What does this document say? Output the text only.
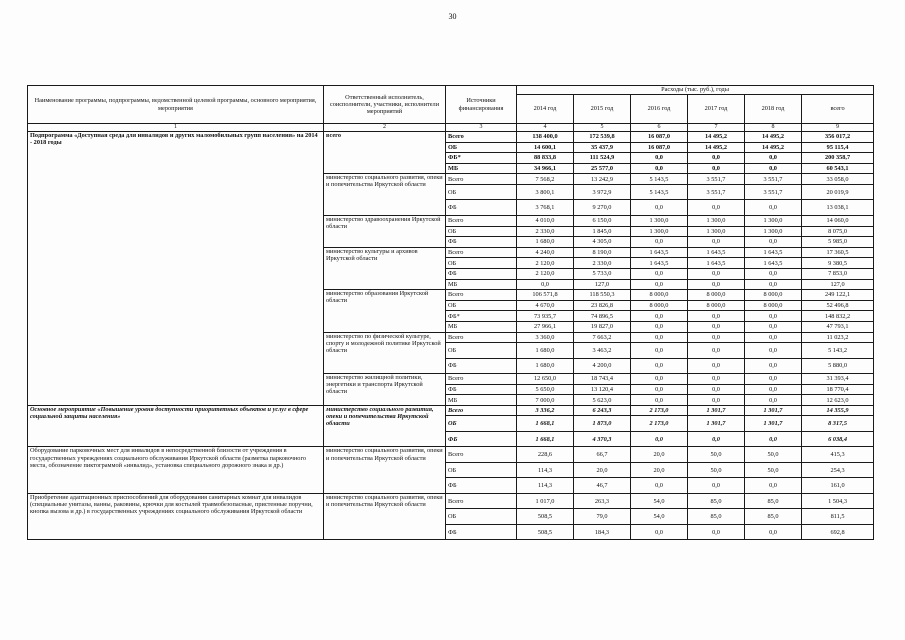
30
Наименование программы, подпрограммы, ведомственной целевой программы, основного мероприятия, мероприятия	Ответственный исполнитель, соисполнители, участники, исполнители мероприятий	Источники финансирования	Расходы (тыс. руб.), годы					
			2014 год	2015 год	2016 год	2017 год	2018 год	всего
1	2	3	4	5	6	7	8	9
Подпрограмма «Доступная среда для инвалидов и других маломобильных групп населения» на 2014 - 2018 годы	всего	Всего	138 400,0	172 539,8	16 087,0	14 495,2	14 495,2	356 017,2
		ОБ	14 600,1	35 437,9	16 087,0	14 495,2	14 495,2	95 115,4
		ФБ*	88 833,8	111 524,9	0,0	0,0	0,0	200 358,7
		МБ	34 966,1	25 577,0	0,0	0,0	0,0	60 543,1
	министерство социального развития, опеки и попечительства Иркутской области	Всего	7 568,2	13 242,9	5 143,5	3 551,7	3 551,7	33 058,0
		ОБ	3 800,1	3 972,9	5 143,5	3 551,7	3 551,7	20 019,9
		ФБ	3 768,1	9 270,0	0,0	0,0	0,0	13 038,1
	министерство здравоохранения Иркутской области	Всего	4 010,0	6 150,0	1 300,0	1 300,0	1 300,0	14 060,0
		ОБ	2 330,0	1 845,0	1 300,0	1 300,0	1 300,0	8 075,0
		ФБ	1 680,0	4 305,0	0,0	0,0	0,0	5 985,0
	министерство культуры и архивов Иркутской области	Всего	4 240,0	8 190,0	1 643,5	1 643,5	1 643,5	17 360,5
		ОБ	2 120,0	2 330,0	1 643,5	1 643,5	1 643,5	9 380,5
		ФБ	2 120,0	5 733,0	0,0	0,0	0,0	7 853,0
		МБ	0,0	127,0	0,0	0,0	0,0	127,0
	министерство образования Иркутской области	Всего	106 571,8	118 550,3	8 000,0	8 000,0	8 000,0	249 122,1
		ОБ	4 670,0	23 826,8	8 000,0	8 000,0	8 000,0	52 496,8
		ФБ*	73 935,7	74 896,5	0,0	0,0	0,0	148 832,2
		МБ	27 966,1	19 827,0	0,0	0,0	0,0	47 793,1
	министерство по физической культуре, спорту и молодежной политике Иркутской области	Всего	3 360,0	7 663,2	0,0	0,0	0,0	11 023,2
		ОБ	1 680,0	3 463,2	0,0	0,0	0,0	5 143,2
		ФБ	1 680,0	4 200,0	0,0	0,0	0,0	5 880,0
	министерство жилищной политики, энергетики и транспорта Иркутской области	Всего	12 650,0	18 743,4	0,0	0,0	0,0	31 393,4
		ФБ	5 650,0	13 120,4	0,0	0,0	0,0	18 770,4
		МБ	7 000,0	5 623,0	0,0	0,0	0,0	12 623,0
Основное мероприятие «Повышение уровня доступности приоритетных объектов и услуг в сфере социальной защиты населения»	министерство социального развития, опеки и попечительства Иркутской области	Всего	3 336,2	6 243,3	2 173,0	1 301,7	1 301,7	14 355,9
		ОБ	1 668,1	1 873,0	2 173,0	1 301,7	1 301,7	8 317,5
		ФБ	1 668,1	4 370,3	0,0	0,0	0,0	6 038,4
Оборудование парковочных мест для инвалидов в непосредственной близости от учреждения в государственных учреждениях социального обслуживания Иркутской области (разметка парковочного места, обозначение пиктограммой «инвалид», установка специального дорожного знака и др.)	министерство социального развития, опеки и попечительства Иркутской области	Всего	228,6	66,7	20,0	50,0	50,0	415,3
		ОБ	114,3	20,0	20,0	50,0	50,0	254,3
		ФБ	114,3	46,7	0,0	0,0	0,0	161,0
Приобретение адаптационных приспособлений для оборудования санитарных комнат для инвалидов (специальные унитазы, ванны, раковины, крючки для костылей травмобезопасные, пристенные поручни, кнопка вызова и др.) в государственных учреждениях социального обслуживания Иркутской области	министерство социального развития, опеки и попечительства Иркутской области	Всего	1 017,0	263,3	54,0	85,0	85,0	1 504,3
		ОБ	508,5	79,0	54,0	85,0	85,0	811,5
		ФБ	508,5	184,3	0,0	0,0	0,0	692,8
